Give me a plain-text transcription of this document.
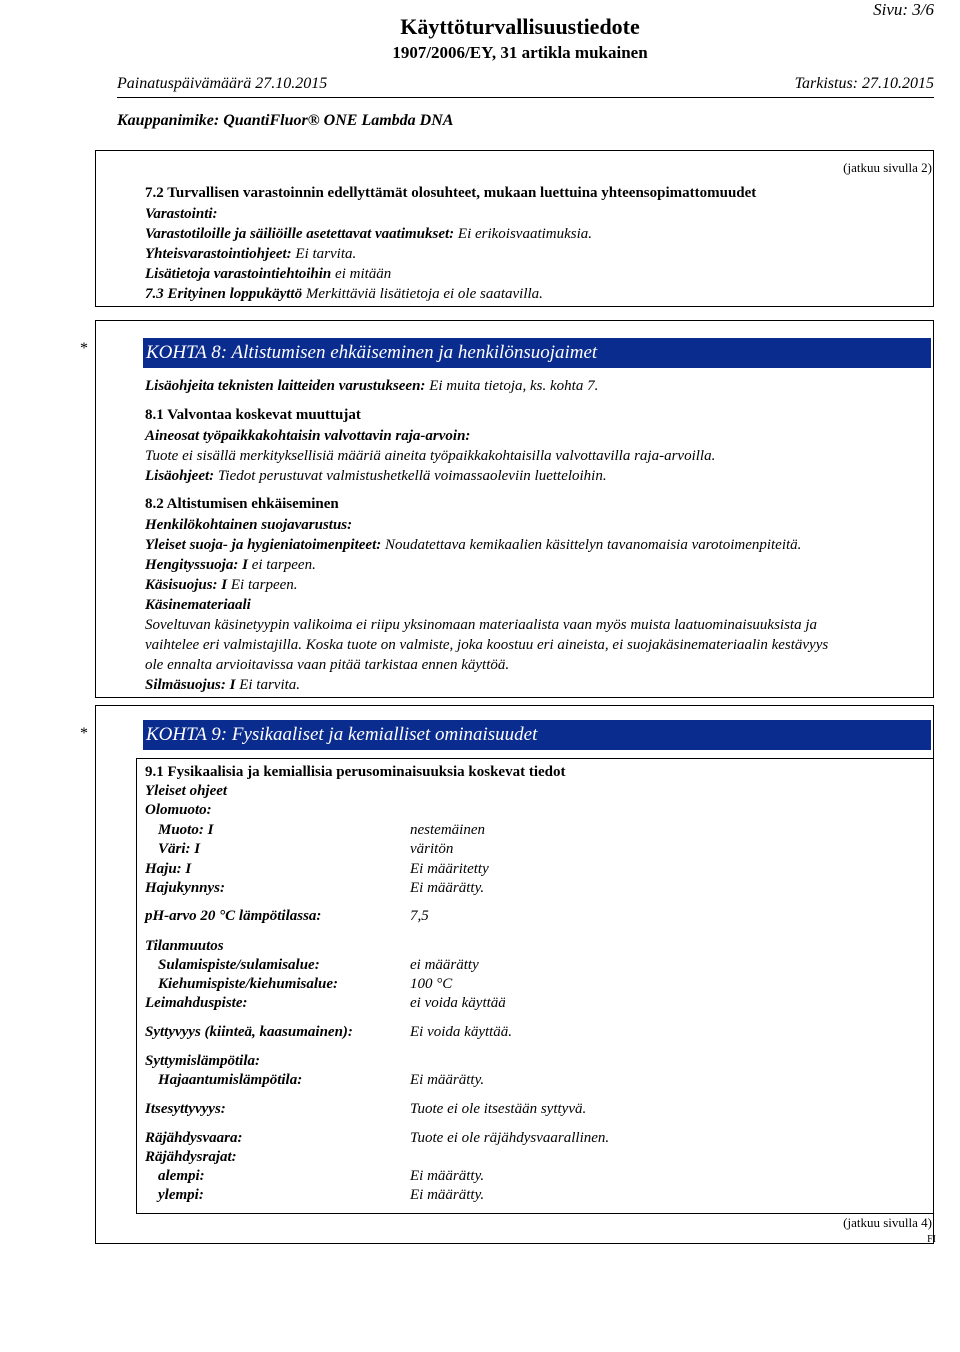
Sivu: 3/6
Käyttöturvallisuustiedote
1907/2006/EY, 31 artikla mukainen
Painatuspäivämäärä 27.10.2015	Tarkistus: 27.10.2015
Kauppanimike: QuantiFluor® ONE Lambda DNA
(jatkuu sivulla 2)
7.2 Turvallisen varastoinnin edellyttämät olosuhteet, mukaan luettuina yhteensopimattomuudet
Varastointi:
Varastotiloille ja säiliöille asetettavat vaatimukset: Ei erikoisvaatimuksia.
Yhteisvarastointiohjeet: Ei tarvita.
Lisätietoja varastointiehtoihin ei mitään
7.3 Erityinen loppukäyttö Merkittäviä lisätietoja ei ole saatavilla.
*	KOHTA 8: Altistumisen ehkäiseminen ja henkilönsuojaimet
Lisäohjeita teknisten laitteiden varustukseen: Ei muita tietoja, ks. kohta 7.
8.1 Valvontaa koskevat muuttujat
Aineosat työpaikkakohtaisin valvottavin raja-arvoin:
Tuote ei sisällä merkityksellisiä määriä aineita työpaikkakohtaisilla valvottavilla raja-arvoilla.
Lisäohjeet: Tiedot perustuvat valmistushetkellä voimassaoleviin luetteloihin.
8.2 Altistumisen ehkäiseminen
Henkilökohtainen suojavarustus:
Yleiset suoja- ja hygieniatoimenpiteet: Noudatettava kemikaalien käsittelyn tavanomaisia varotoimenpiteitä.
Hengityssuoja: I ei tarpeen.
Käsisuojus: I Ei tarpeen.
Käsinemateriaali
Soveltuvan käsinetyypin valikoima ei riipu yksinomaan materiaalista vaan myös muista laatuominaisuuksista ja
vaihtelee eri valmistajilla. Koska tuote on valmiste, joka koostuu eri aineista, ei suojakäsinemateriaalin kestävyys
ole ennalta arvioitavissa vaan pitää tarkistaa ennen käyttöä.
Silmäsuojus: I Ei tarvita.
*	KOHTA 9: Fysikaaliset ja kemialliset ominaisuudet
9.1 Fysikaalisia ja kemiallisia perusominaisuuksia koskevat tiedot
Yleiset ohjeet
Olomuoto:
Muoto: I	nestemäinen
Väri: I	väritön
Haju: I	Ei määritetty
Hajukynnys:	Ei määrätty.
pH-arvo 20 °C lämpötilassa:	7,5
Tilanmuutos
Sulamispiste/sulamisalue:	ei määrätty
Kiehumispiste/kiehumisalue:	100 °C
Leimahduspiste:	ei voida käyttää
Syttyvyys (kiinteä, kaasumainen):	Ei voida käyttää.
Syttymislämpötila:
Hajaantumislämpötila:	Ei määrätty.
Itsesyttyvyys:	Tuote ei ole itsestään syttyvä.
Räjähdysvaara:	Tuote ei ole räjähdysvaarallinen.
Räjähdysrajat:
alempi:	Ei määrätty.
ylempi:	Ei määrätty.
(jatkuu sivulla 4)
FI
